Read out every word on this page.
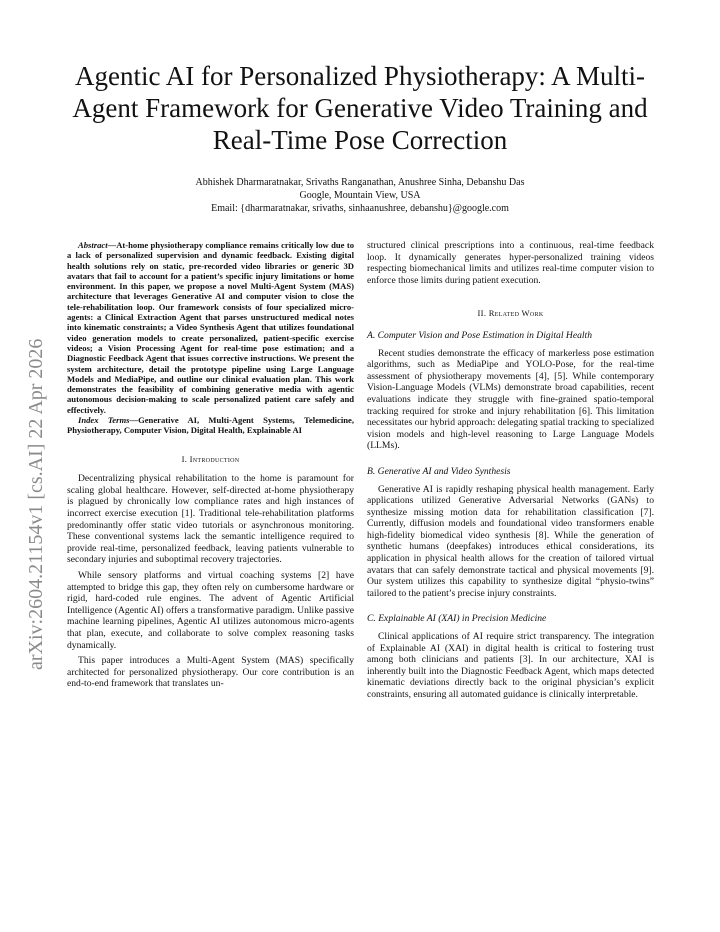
arXiv:2604.21154v1 [cs.AI] 22 Apr 2026
Agentic AI for Personalized Physiotherapy: A Multi-Agent Framework for Generative Video Training and Real-Time Pose Correction
Abhishek Dharmaratnakar, Srivaths Ranganathan, Anushree Sinha, Debanshu Das
Google, Mountain View, USA
Email: {dharmaratnakar, srivaths, sinhaanushree, debanshu}@google.com

Abstract—At-home physiotherapy compliance remains critically low due to a lack of personalized supervision and dynamic feedback. Existing digital health solutions rely on static, pre-recorded video libraries or generic 3D avatars that fail to account for a patient’s specific injury limitations or home environment. In this paper, we propose a novel Multi-Agent System (MAS) architecture that leverages Generative AI and computer vision to close the tele-rehabilitation loop. Our framework consists of four specialized micro-agents: a Clinical Extraction Agent that parses unstructured medical notes into kinematic constraints; a Video Synthesis Agent that utilizes foundational video generation models to create personalized, patient-specific exercise videos; a Vision Processing Agent for real-time pose estimation; and a Diagnostic Feedback Agent that issues corrective instructions. We present the system architecture, detail the prototype pipeline using Large Language Models and MediaPipe, and outline our clinical evaluation plan. This work demonstrates the feasibility of combining generative media with agentic autonomous decision-making to scale personalized patient care safely and effectively.

Index Terms—Generative AI, Multi-Agent Systems, Telemedicine, Physiotherapy, Computer Vision, Digital Health, Explainable AI

I. Introduction

Decentralizing physical rehabilitation to the home is paramount for scaling global healthcare. However, self-directed at-home physiotherapy is plagued by chronically low compliance rates and high instances of incorrect exercise execution [1]. Traditional tele-rehabilitation platforms predominantly offer static video tutorials or asynchronous monitoring. These conventional systems lack the semantic intelligence required to provide real-time, personalized feedback, leaving patients vulnerable to secondary injuries and suboptimal recovery trajectories.

While sensory platforms and virtual coaching systems [2] have attempted to bridge this gap, they often rely on cumbersome hardware or rigid, hard-coded rule engines. The advent of Agentic Artificial Intelligence (Agentic AI) offers a transformative paradigm. Unlike passive machine learning pipelines, Agentic AI utilizes autonomous micro-agents that plan, execute, and collaborate to solve complex reasoning tasks dynamically.

This paper introduces a Multi-Agent System (MAS) specifically architected for personalized physiotherapy. Our core contribution is an end-to-end framework that translates un-

structured clinical prescriptions into a continuous, real-time feedback loop. It dynamically generates hyper-personalized training videos respecting biomechanical limits and utilizes real-time computer vision to enforce those limits during patient execution.

II. Related Work
A. Computer Vision and Pose Estimation in Digital Health

Recent studies demonstrate the efficacy of markerless pose estimation algorithms, such as MediaPipe and YOLO-Pose, for the real-time assessment of physiotherapy movements [4], [5]. While contemporary Vision-Language Models (VLMs) demonstrate broad capabilities, recent evaluations indicate they struggle with fine-grained spatio-temporal tracking required for stroke and injury rehabilitation [6]. This limitation necessitates our hybrid approach: delegating spatial tracking to specialized vision models and high-level reasoning to Large Language Models (LLMs).

B. Generative AI and Video Synthesis

Generative AI is rapidly reshaping physical health management. Early applications utilized Generative Adversarial Networks (GANs) to synthesize missing motion data for rehabilitation classification [7]. Currently, diffusion models and foundational video transformers enable high-fidelity biomedical video synthesis [8]. While the generation of synthetic humans (deepfakes) introduces ethical considerations, its application in physical health allows for the creation of tailored virtual avatars that can safely demonstrate tactical and physical movements [9]. Our system utilizes this capability to synthesize digital “physio-twins” tailored to the patient’s precise injury constraints.

C. Explainable AI (XAI) in Precision Medicine

Clinical applications of AI require strict transparency. The integration of Explainable AI (XAI) in digital health is critical to fostering trust among both clinicians and patients [3]. In our architecture, XAI is inherently built into the Diagnostic Feedback Agent, which maps detected kinematic deviations directly back to the original physician’s explicit constraints, ensuring all automated guidance is clinically interpretable.
